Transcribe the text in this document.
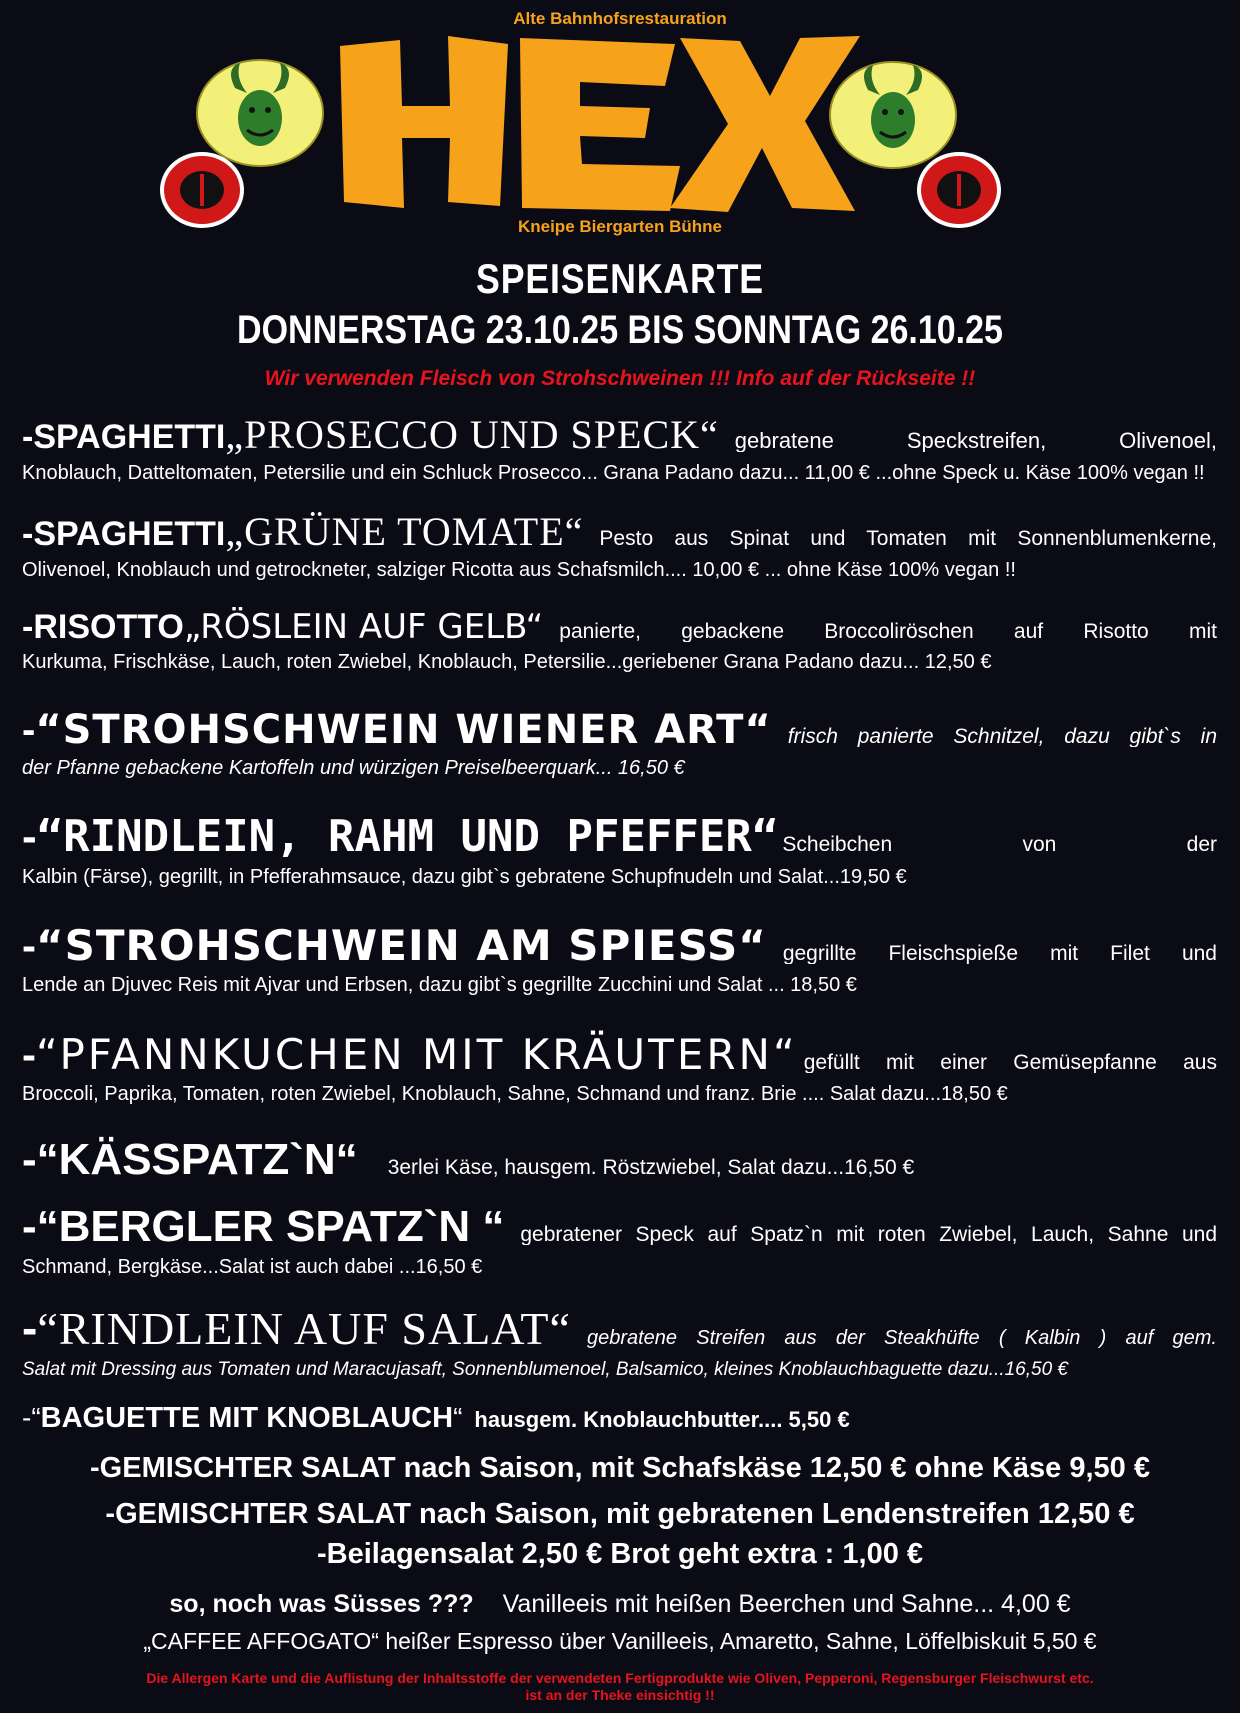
Alte Bahnhofsrestauration
Kneipe Biergarten Bühne
SPEISENKARTE
DONNERSTAG 23.10.25 BIS SONNTAG 26.10.25
Wir verwenden Fleisch von Strohschweinen !!! Info auf der Rückseite !!
-SPAGHETTI „PROSECCO UND SPECK“ gebratene Speckstreifen, Olivenoel,
Knoblauch, Datteltomaten, Petersilie und ein Schluck Prosecco... Grana Padano dazu... 11,00 € ...ohne Speck u. Käse 100% vegan !!
-SPAGHETTI „GRÜNE TOMATE“ Pesto aus Spinat und Tomaten mit Sonnenblumenkerne,
Olivenoel, Knoblauch und getrockneter, salziger Ricotta aus Schafsmilch.... 10,00 € ... ohne Käse 100% vegan !!
-RISOTTO „RÖSLEIN AUF GELB“ panierte, gebackene Broccoliröschen auf Risotto mit
Kurkuma, Frischkäse, Lauch, roten Zwiebel, Knoblauch, Petersilie...geriebener Grana Padano dazu... 12,50 €
- “STROHSCHWEIN WIENER ART“ frisch panierte Schnitzel, dazu gibt`s in
der Pfanne gebackene Kartoffeln und würzigen Preiselbeerquark... 16,50 €
- “RINDLEIN, RAHM UND PFEFFER“ Scheibchen von der
Kalbin (Färse), gegrillt, in Pfefferahmsauce, dazu gibt`s gebratene Schupfnudeln und Salat...19,50 €
- “STROHSCHWEIN AM SPIESS“ gegrillte Fleischspieße mit Filet und
Lende an Djuvec Reis mit Ajvar und Erbsen, dazu gibt`s gegrillte Zucchini und Salat ... 18,50 €
- “PFANNKUCHEN MIT KRÄUTERN“ gefüllt mit einer Gemüsepfanne aus
Broccoli, Paprika, Tomaten, roten Zwiebel, Knoblauch, Sahne, Schmand und franz. Brie .... Salat dazu...18,50 €
- “KÄSSPATZ`N“	3erlei Käse, hausgem. Röstzwiebel, Salat dazu...16,50 €
- “BERGLER SPATZ`N “ gebratener Speck auf Spatz`n mit roten Zwiebel, Lauch, Sahne und
Schmand, Bergkäse...Salat ist auch dabei ...16,50 €
- “RINDLEIN AUF SALAT“ gebratene Streifen aus der Steakhüfte ( Kalbin ) auf gem.
Salat mit Dressing aus Tomaten und Maracujasaft, Sonnenblumenoel, Balsamico, kleines Knoblauchbaguette dazu...16,50 €
-“ BAGUETTE MIT KNOBLAUCH “ hausgem. Knoblauchbutter.... 5,50 €
-GEMISCHTER SALAT nach Saison, mit Schafskäse 12,50 € ohne Käse 9,50 €
-GEMISCHTER SALAT nach Saison, mit gebratenen Lendenstreifen 12,50 €
-Beilagensalat 2,50 € Brot geht extra : 1,00 €
so, noch was Süsses ??? Vanilleeis mit heißen Beerchen und Sahne... 4,00 €
„CAFFEE AFFOGATO“ heißer Espresso über Vanilleeis, Amaretto, Sahne, Löffelbiskuit 5,50 €
Die Allergen Karte und die Auflistung der Inhaltsstoffe der verwendeten Fertigprodukte wie Oliven, Pepperoni, Regensburger Fleischwurst etc.
ist an der Theke einsichtig !!
